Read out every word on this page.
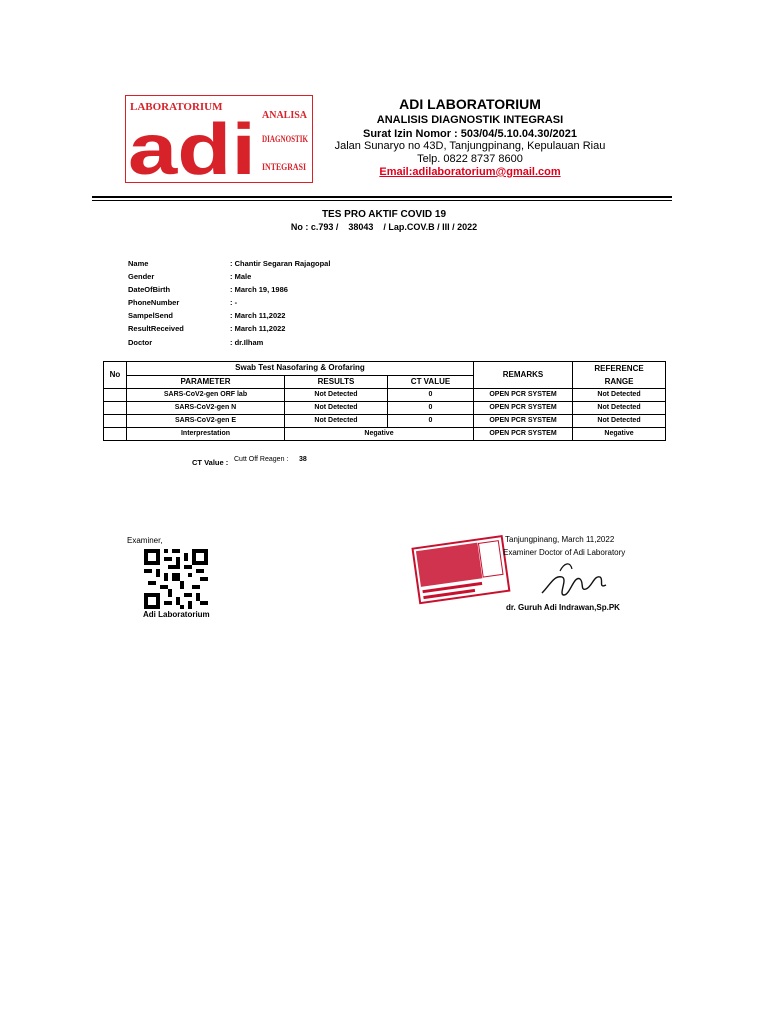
LABORATORIUM
adi ANALISA
DIAGNOSTIK
INTEGRASI
ADI LABORATORIUM
ANALISIS DIAGNOSTIK INTEGRASI
Surat Izin Nomor : 503/04/5.10.04.30/2021
Jalan Sunaryo no 43D, Tanjungpinang, Kepulauan Riau
Telp. 0822 8737 8600
Email:adilaboratorium@gmail.com
TES PRO AKTIF COVID 19
No : c.793 /    38043    / Lap.COV.B / III / 2022
Name	: Chantir Segaran Rajagopal
Gender	: Male
DateOfBirth	: March 19, 1986
PhoneNumber	: -
SampelSend	: March 11,2022
ResultReceived	: March 11,2022
Doctor	: dr.Ilham
No	Swab Test Nasofaring & Orofaring			REMARKS	REFERENCE
RANGE

	PARAMETER	RESULTS	CT VALUE		
	SARS-CoV2-gen ORF lab	Not Detected	0	OPEN PCR SYSTEM	Not Detected
	SARS-CoV2-gen N	Not Detected	0	OPEN PCR SYSTEM	Not Detected
	SARS-CoV2-gen E	Not Detected	0	OPEN PCR SYSTEM	Not Detected
	Interprestation	Negative		OPEN PCR SYSTEM	Negative
CT Value : Cutt Off Reagen : 38
Examiner,
Adi Laboratorium
Tanjungpinang, March 11,2022
Examiner Doctor of Adi Laboratory
dr. Guruh Adi Indrawan,Sp.PK
